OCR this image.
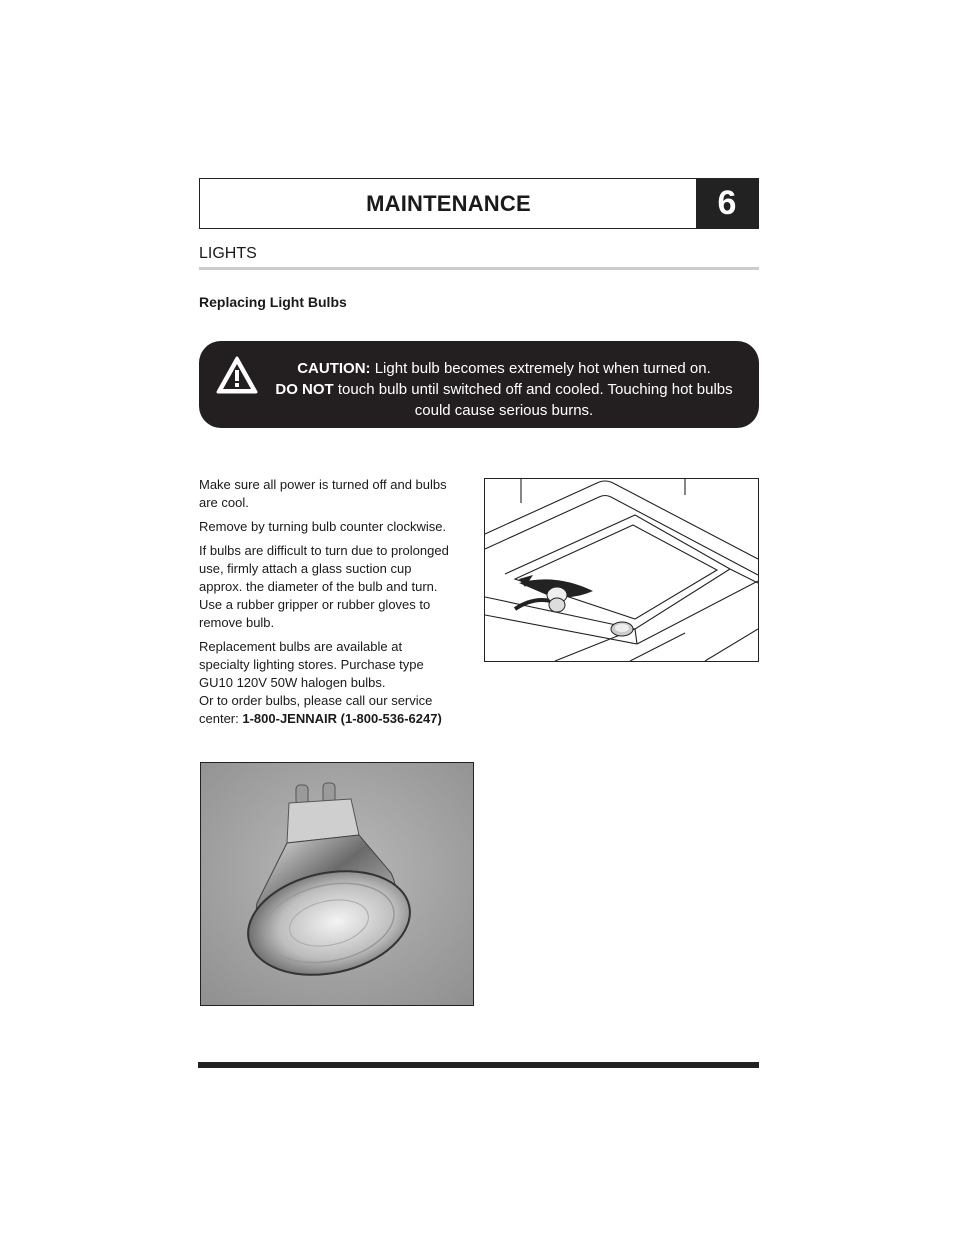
MAINTENANCE	6
LIGHTS
Replacing Light Bulbs
CAUTION: Light bulb becomes extremely hot when turned on.
DO NOT touch bulb until switched off and cooled. Touching hot bulbs could cause serious burns.

Make sure all power is turned off and bulbs are cool.

Remove by turning bulb counter clockwise.

If bulbs are difficult to turn due to prolonged use, firmly attach a glass suction cup approx. the diameter of the bulb and turn. Use a rubber gripper or rubber gloves to remove bulb.

Replacement bulbs are available at specialty lighting stores. Purchase type GU10 120V 50W halogen bulbs.
Or to order bulbs, please call our service center: 1-800-JENNAIR (1-800-536-6247)
